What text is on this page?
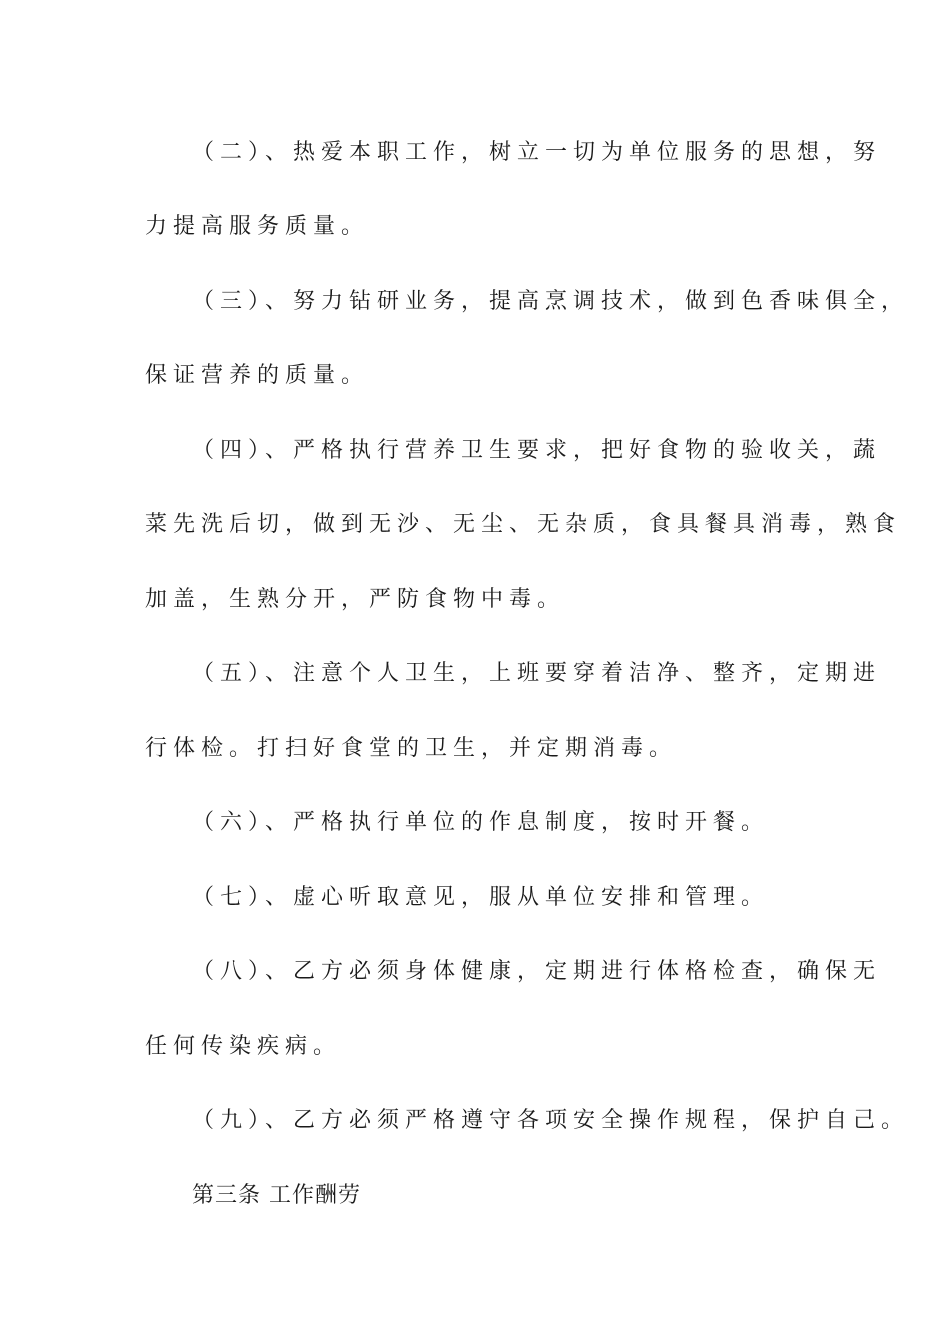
（二）、热爱本职工作，树立一切为单位服务的思想，努
力提高服务质量。
（三）、努力钻研业务，提高烹调技术，做到色香味俱全，
保证营养的质量。
（四）、严格执行营养卫生要求，把好食物的验收关，蔬
菜先洗后切，做到无沙、无尘、无杂质，食具餐具消毒，熟食
加盖，生熟分开，严防食物中毒。
（五）、注意个人卫生，上班要穿着洁净、整齐，定期进
行体检。打扫好食堂的卫生，并定期消毒。
（六）、严格执行单位的作息制度，按时开餐。
（七）、虚心听取意见，服从单位安排和管理。
（八）、乙方必须身体健康，定期进行体格检查，确保无
任何传染疾病。
（九）、乙方必须严格遵守各项安全操作规程，保护自己。
第三条 工作酬劳
